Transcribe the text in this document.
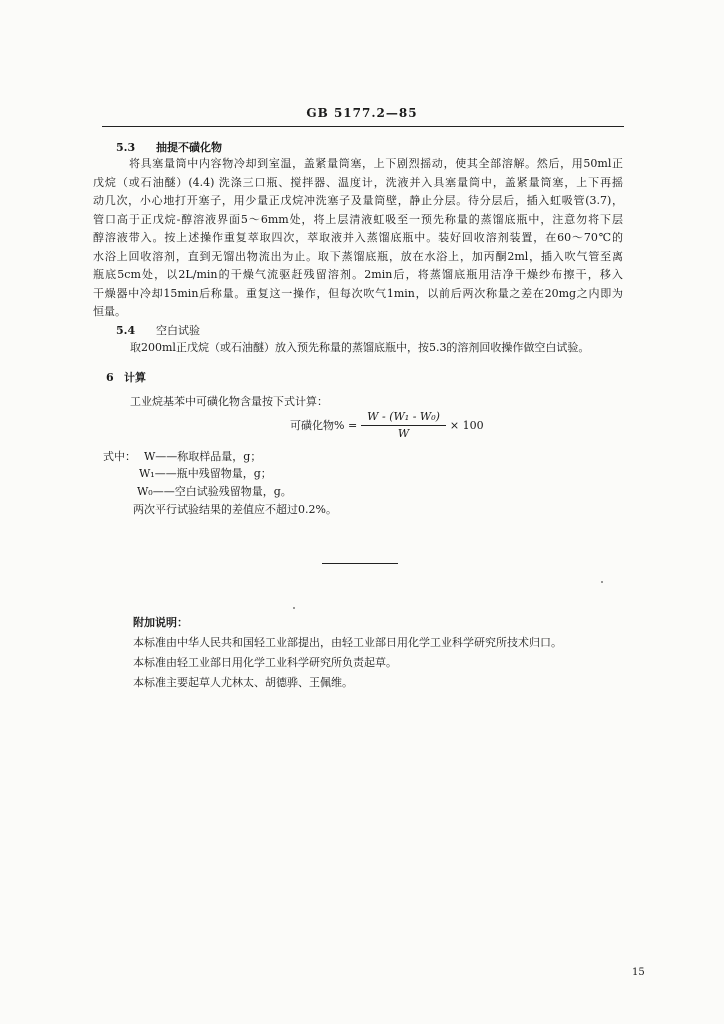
GB 5177.2—85
5.3 抽提不磺化物
将具塞量筒中内容物冷却到室温，盖紧量筒塞，上下剧烈摇动，使其全部溶解。然后，用50ml正
戊烷（或石油醚）(4.4) 洗涤三口瓶、搅拌器、温度计，洗液并入具塞量筒中，盖紧量筒塞，上下再摇
动几次，小心地打开塞子，用少量正戊烷冲洗塞子及量筒壁，静止分层。待分层后，插入虹吸管(3.7)，
管口高于正戊烷-醇溶液界面5～6mm处，将上层清液虹吸至一预先称量的蒸馏底瓶中，注意勿将下层
醇溶液带入。按上述操作重复萃取四次，萃取液并入蒸馏底瓶中。装好回收溶剂装置，在60～70℃的
水浴上回收溶剂，直到无馏出物流出为止。取下蒸馏底瓶，放在水浴上，加丙酮2ml，插入吹气管至离
瓶底5cm处，以2L/min的干燥气流驱赶残留溶剂。2min后，将蒸馏底瓶用洁净干燥纱布擦干，移入
干燥器中冷却15min后称量。重复这一操作，但每次吹气1min，以前后两次称量之差在20mg之内即为
恒量。
5.4 空白试验
取200ml正戊烷（或石油醚）放入预先称量的蒸馏底瓶中，按5.3的溶剂回收操作做空白试验。
6 计算
工业烷基苯中可磺化物含量按下式计算：
可磺化物% = $\frac{\text{W - (W₁ - W₀)}}{W} \times 100$
式中： W——称取样品量，g；
W₁——瓶中残留物量，g；
W₀——空白试验残留物量，g。
两次平行试验结果的差值应不超过0.2%。
附加说明：
本标准由中华人民共和国轻工业部提出，由轻工业部日用化学工业科学研究所技术归口。
本标准由轻工业部日用化学工业科学研究所负责起草。
本标准主要起草人尤林太、胡德骅、王佩维。
15
